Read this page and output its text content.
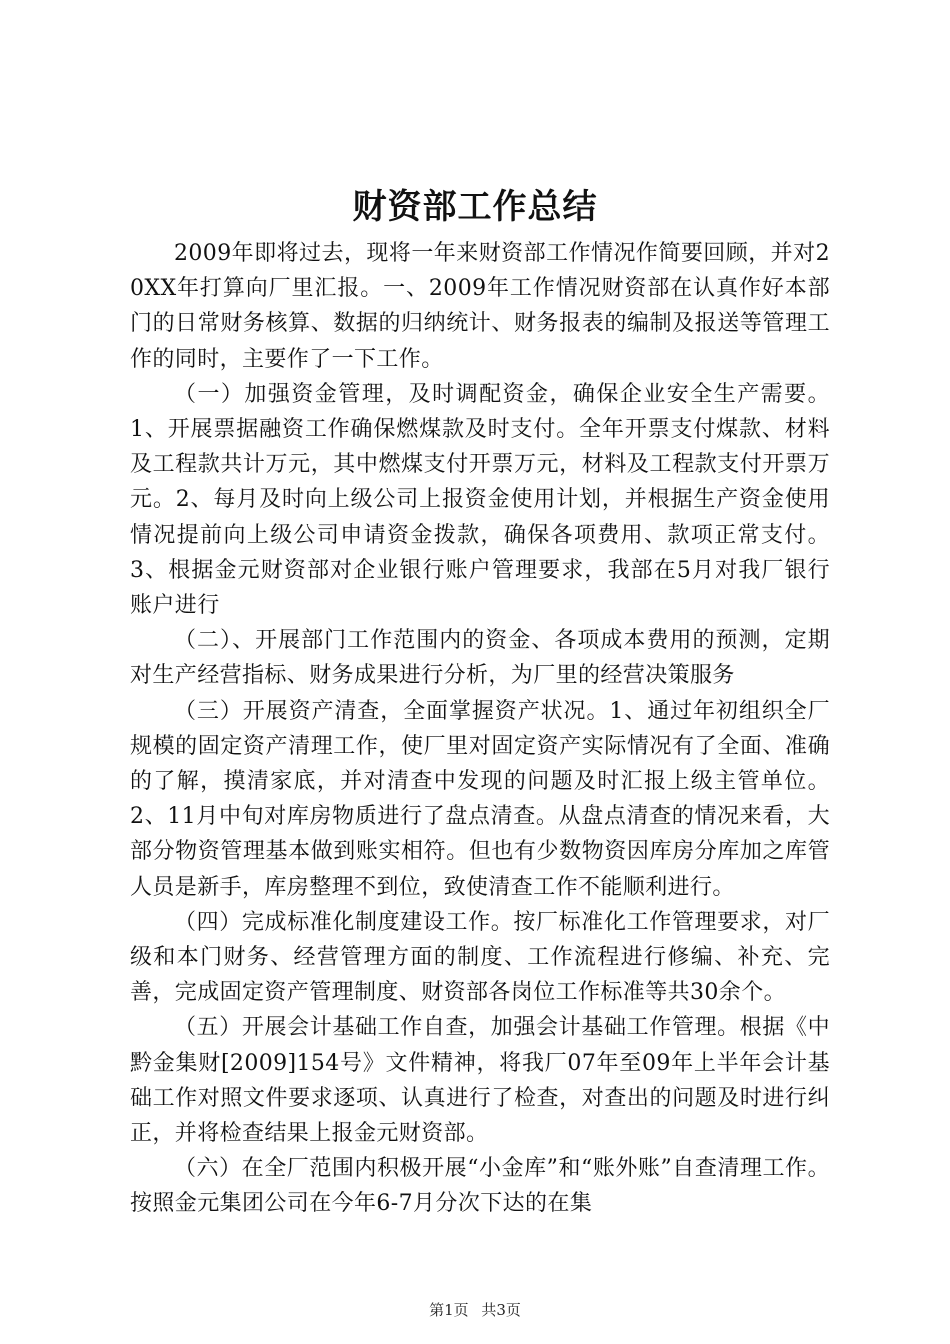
财资部工作总结

2009年即将过去，现将一年来财资部工作情况作简要回顾，并对20XX年打算向厂里汇报。一、2009年工作情况财资部在认真作好本部门的日常财务核算、数据的归纳统计、财务报表的编制及报送等管理工作的同时，主要作了一下工作。

（一）加强资金管理，及时调配资金，确保企业安全生产需要。1、开展票据融资工作确保燃煤款及时支付。全年开票支付煤款、材料及工程款共计万元，其中燃煤支付开票万元，材料及工程款支付开票万元。2、每月及时向上级公司上报资金使用计划，并根据生产资金使用情况提前向上级公司申请资金拨款，确保各项费用、款项正常支付。3、根据金元财资部对企业银行账户管理要求，我部在5月对我厂银行账户进行

（二）、开展部门工作范围内的资金、各项成本费用的预测，定期对生产经营指标、财务成果进行分析，为厂里的经营决策服务

（三）开展资产清查，全面掌握资产状况。1、通过年初组织全厂规模的固定资产清理工作，使厂里对固定资产实际情况有了全面、准确的了解，摸清家底，并对清查中发现的问题及时汇报上级主管单位。2、11月中旬对库房物质进行了盘点清查。从盘点清查的情况来看，大部分物资管理基本做到账实相符。但也有少数物资因库房分库加之库管人员是新手，库房整理不到位，致使清查工作不能顺利进行。

（四）完成标准化制度建设工作。按厂标准化工作管理要求，对厂级和本门财务、经营管理方面的制度、工作流程进行修编、补充、完善，完成固定资产管理制度、财资部各岗位工作标准等共30余个。

（五）开展会计基础工作自查，加强会计基础工作管理。根据《中黔金集财[2009]154号》文件精神，将我厂07年至09年上半年会计基础工作对照文件要求逐项、认真进行了检查，对查出的问题及时进行纠正，并将检查结果上报金元财资部。

（六）在全厂范围内积极开展“小金库”和“账外账”自查清理工作。按照金元集团公司在今年6-7月分次下达的在集

第1页 共3页
